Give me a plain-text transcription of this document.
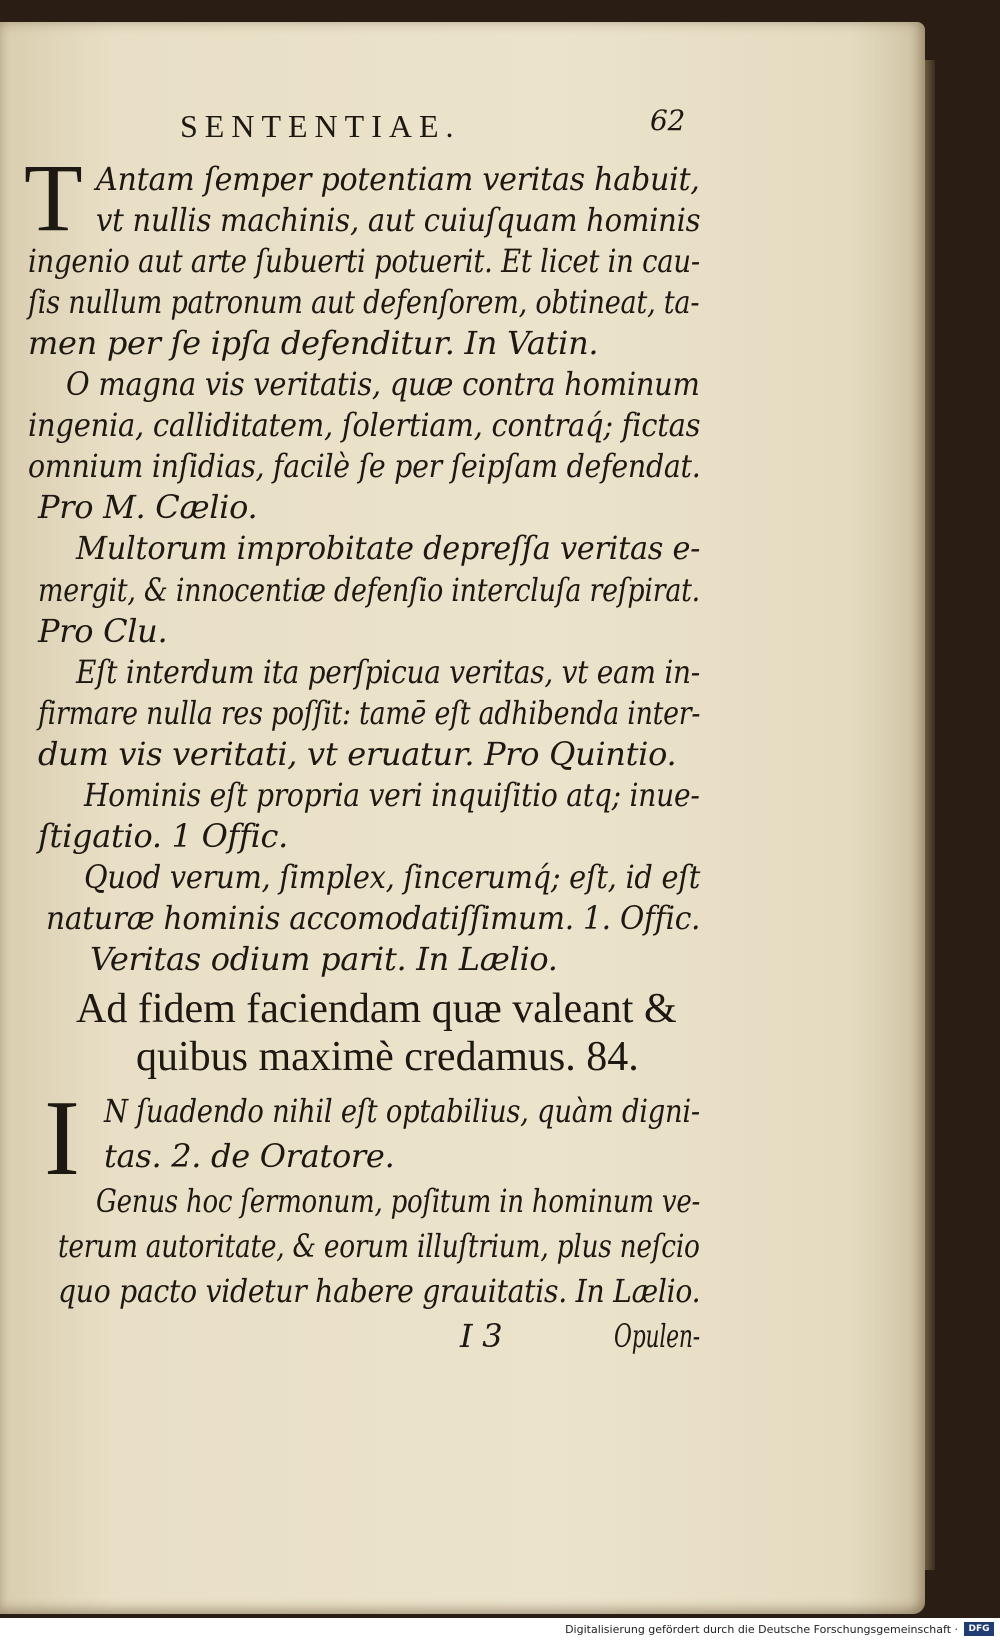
SENTENTIAE.	62
T Antam ſemper potentiam veritas habuit,
vt nullis machinis, aut cuiuſquam hominis
ingenio aut arte ſubuerti potuerit. Et licet in cau-
ſis nullum patronum aut defenſorem, obtineat, ta-
men per ſe ipſa defenditur. In Vatin.
O magna vis veritatis, quæ contra hominum
ingenia, calliditatem, ſolertiam, contraq́; fictas
omnium inſidias, facilè ſe per ſeipſam defendat.
Pro M. Cælio.
Multorum improbitate depreſſa veritas e-
mergit, & innocentiæ defenſio intercluſa reſpirat.
Pro Clu.
Eſt interdum ita perſpicua veritas, vt eam in-
firmare nulla res poſſit: tamē eſt adhibenda inter-
dum vis veritati, vt eruatur. Pro Quintio.
Hominis eſt propria veri inquiſitio atq; inue-
ſtigatio. 1 Offic.
Quod verum, ſimplex, ſincerumq́; eſt, id eſt
naturæ hominis accomodatiſſimum. 1. Offic.
Ad fidem faciendam quæ valeant &
quibus maximè credamus. 84.
I N ſuadendo nihil eſt optabilius, quàm digni-
tas. 2. de Oratore.
Genus hoc ſermonum, poſitum in hominum ve-
terum autoritate, & eorum illuſtrium, plus neſcio
quo pacto videtur habere grauitatis. In Lælio.
I 3	Opulen-
Veritas odium parit. In Lælio.
Digitalisierung gefördert durch die Deutsche Forschungsgemeinschaft ·	DFG
